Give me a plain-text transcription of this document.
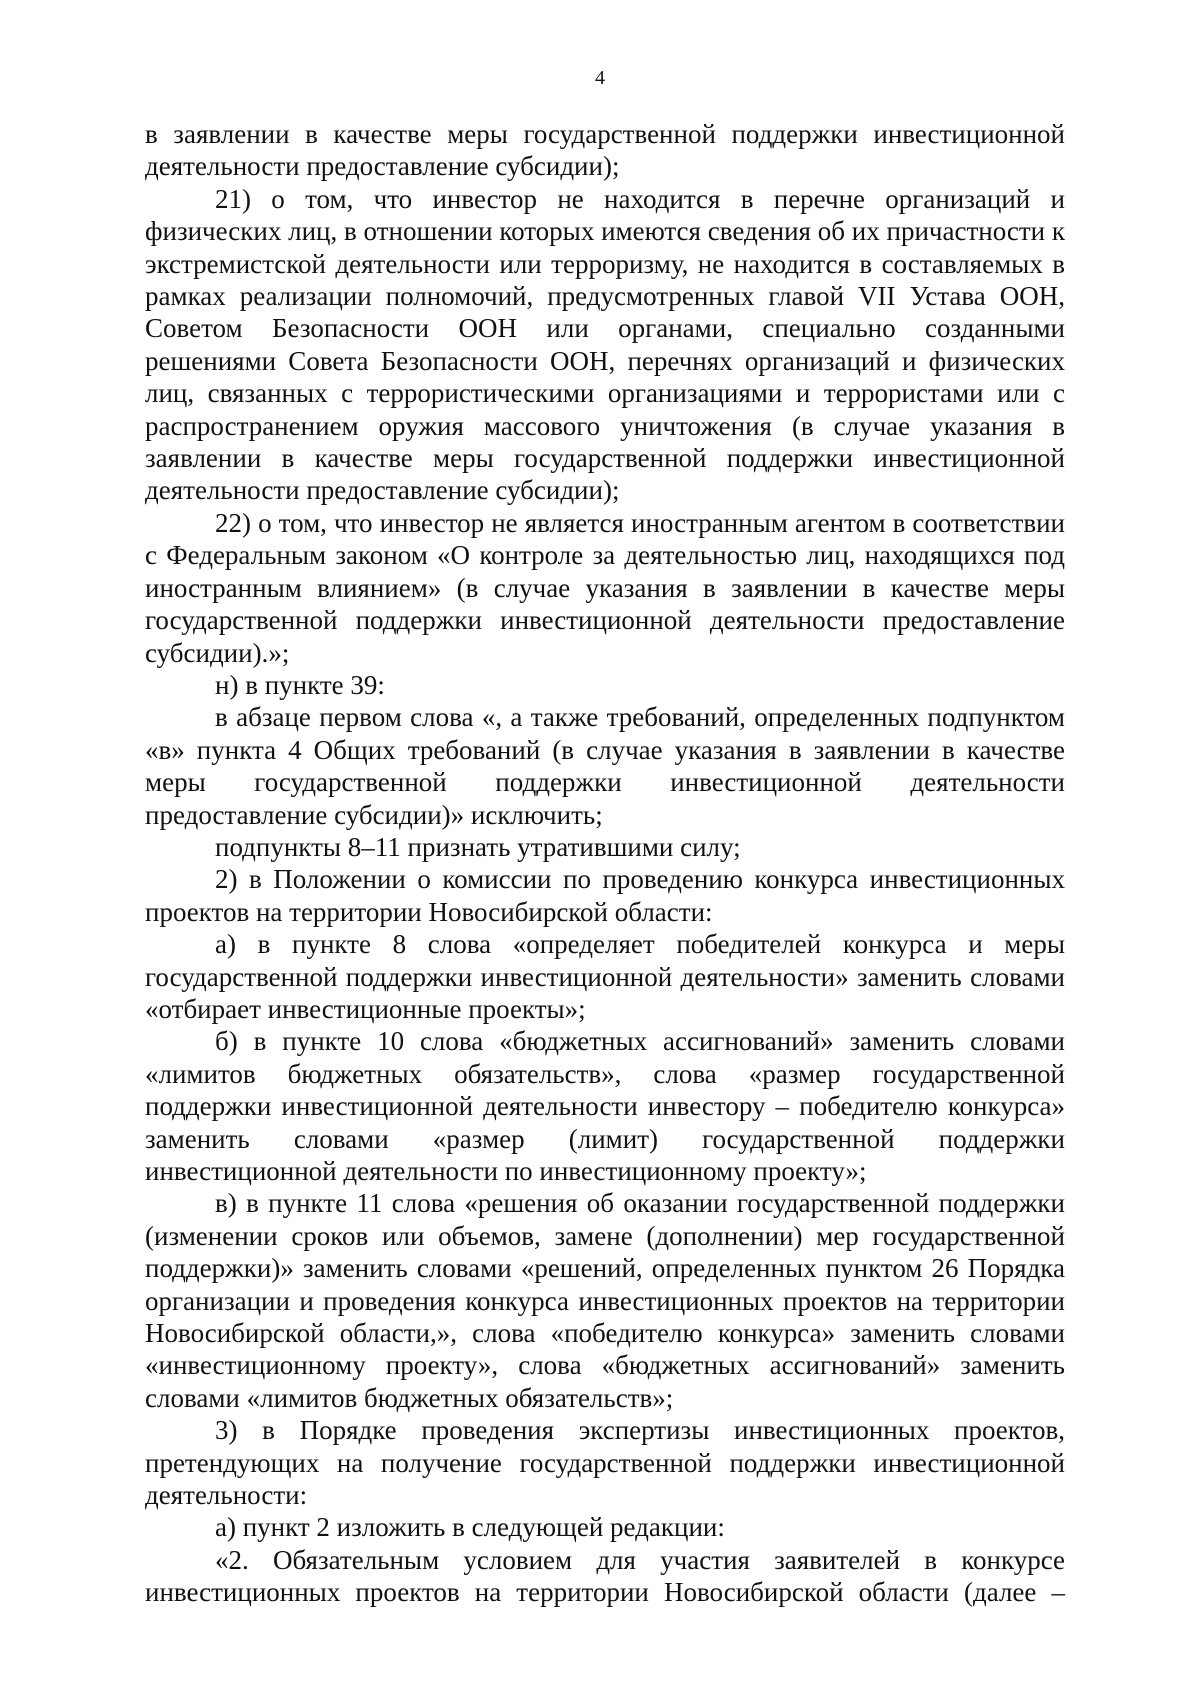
4

в заявлении в качестве меры государственной поддержки инвестиционной деятельности предоставление субсидии);

21) о том, что инвестор не находится в перечне организаций и физических лиц, в отношении которых имеются сведения об их причастности к экстремистской деятельности или терроризму, не находится в составляемых в рамках реализации полномочий, предусмотренных главой VII Устава ООН, Советом Безопасности ООН или органами, специально созданными решениями Совета Безопасности ООН, перечнях организаций и физических лиц, связанных с террористическими организациями и террористами или с распространением оружия массового уничтожения (в случае указания в заявлении в качестве меры государственной поддержки инвестиционной деятельности предоставление субсидии);

22) о том, что инвестор не является иностранным агентом в соответствии с Федеральным законом «О контроле за деятельностью лиц, находящихся под иностранным влиянием» (в случае указания в заявлении в качестве меры государственной поддержки инвестиционной деятельности предоставление субсидии).»;

н) в пункте 39:

в абзаце первом слова «, а также требований, определенных подпунктом «в» пункта 4 Общих требований (в случае указания в заявлении в качестве меры государственной поддержки инвестиционной деятельности предоставление субсидии)» исключить;

подпункты 8–11 признать утратившими силу;

2) в Положении о комиссии по проведению конкурса инвестиционных проектов на территории Новосибирской области:

а) в пункте 8 слова «определяет победителей конкурса и меры государственной поддержки инвестиционной деятельности» заменить словами «отбирает инвестиционные проекты»;

б) в пункте 10 слова «бюджетных ассигнований» заменить словами «лимитов бюджетных обязательств», слова «размер государственной поддержки инвестиционной деятельности инвестору – победителю конкурса» заменить словами «размер (лимит) государственной поддержки инвестиционной деятельности по инвестиционному проекту»;

в) в пункте 11 слова «решения об оказании государственной поддержки (изменении сроков или объемов, замене (дополнении) мер государственной поддержки)» заменить словами «решений, определенных пунктом 26 Порядка организации и проведения конкурса инвестиционных проектов на территории Новосибирской области,», слова «победителю конкурса» заменить словами «инвестиционному проекту», слова «бюджетных ассигнований» заменить словами «лимитов бюджетных обязательств»;

3) в Порядке проведения экспертизы инвестиционных проектов, претендующих на получение государственной поддержки инвестиционной деятельности:

а) пункт 2 изложить в следующей редакции:

«2. Обязательным условием для участия заявителей в конкурсе инвестиционных проектов на территории Новосибирской области (далее –
